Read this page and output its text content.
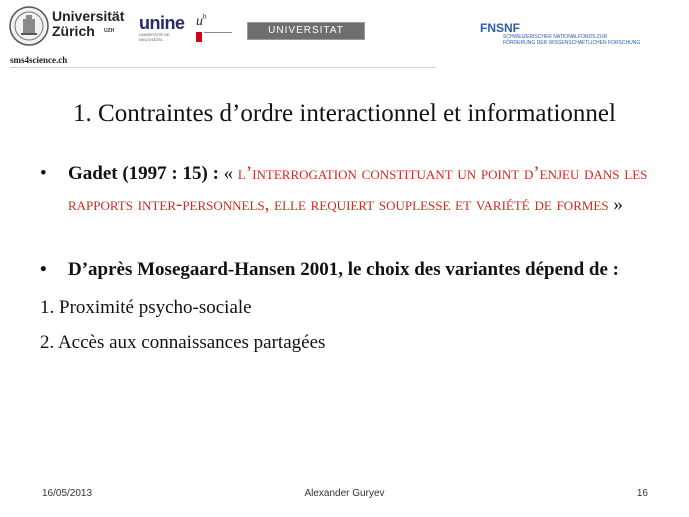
Universität
Zürich	UZH unine
UNIVERSITÉ DE NEUCHÂTEL
$u^b$
UNIVERSITAT LEIPZIG
FNSNF
SCHWEIZERISCHER NATIONALFONDS ZUR
FÖRDERUNG DER WISSENSCHAFTLICHEN FORSCHUNG
sms4science.ch
1. Contraintes d’ordre interactionnel et informationnel
• Gadet (1997 : 15) : « l’interrogation constituant un point d’enjeu dans les rapports inter-personnels, elle requiert souplesse et variété de formes »
• D’après Mosegaard-Hansen 2001, le choix des variantes dépend de :
1. Proximité psycho-sociale
2. Accès aux connaissances partagées
16/05/2013	Alexander Guryev	16
